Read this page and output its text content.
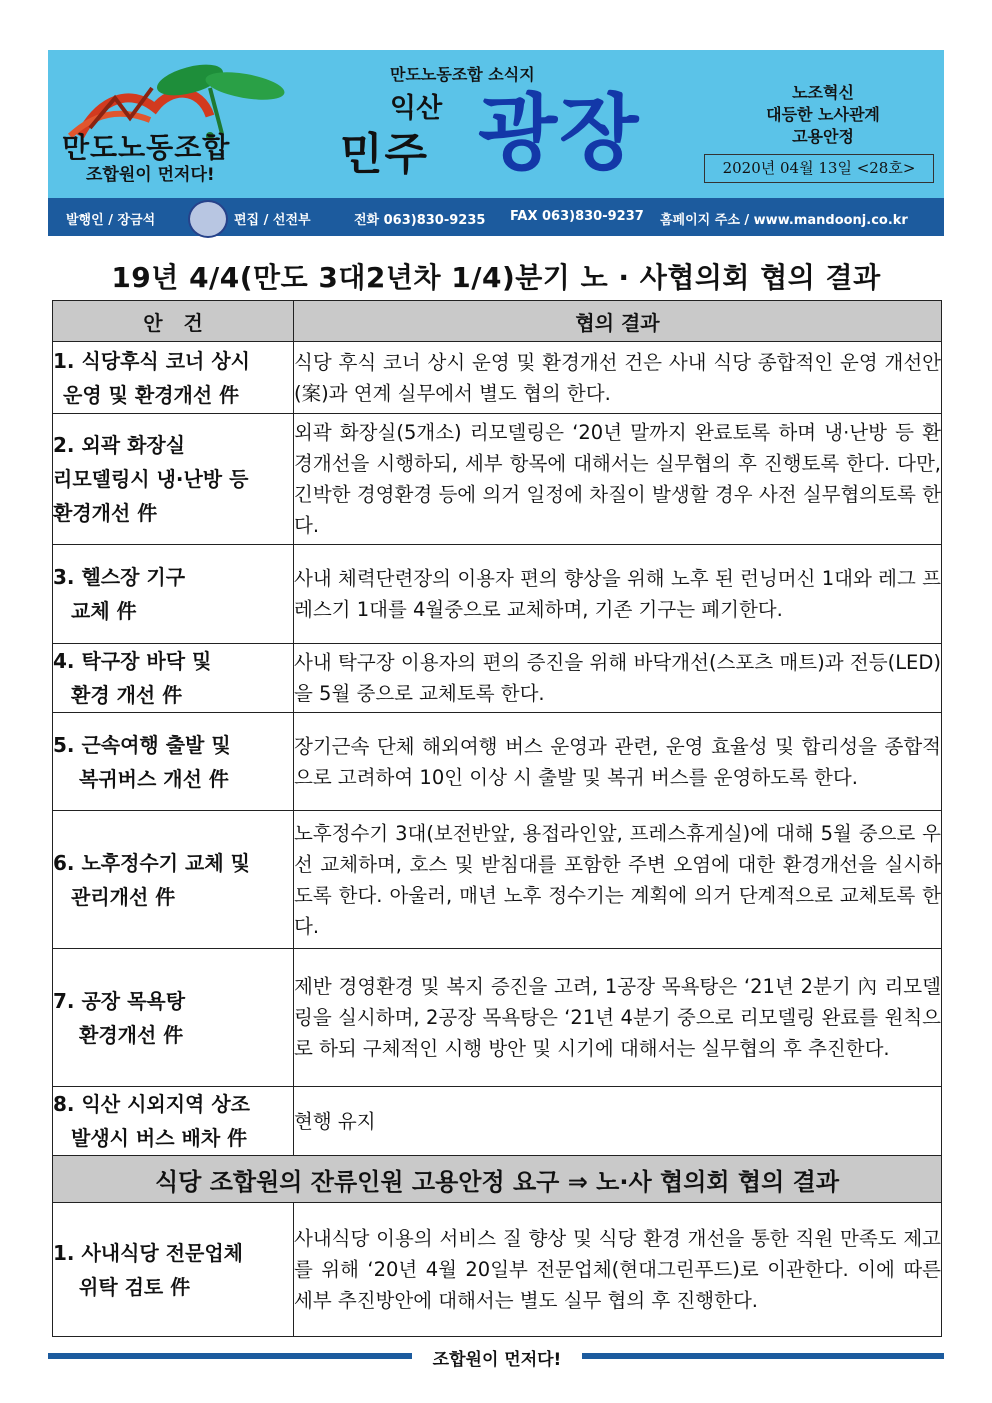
만도노동조합
조합원이 먼저다!
만도노동조합 소식지
익산
민주 광장	노조혁신
대등한 노사관계
고용안정
2020년 04월 13일 <28호>
발행인 / 장금석	편집 / 선전부	전화 063)830-9235 FAX 063)830-9237 홈페이지 주소 / www.mandoonj.co.kr
19년 4/4(만도 3대2년차 1/4)분기 노 · 사협의회 협의 결과
안   건	협의 결과

1. 식당후식 코너 상시
운영 및 환경개선 件	식당 후식 코너 상시 운영 및 환경개선 건은 사내 식당 종합적인 운영 개선안(案)과 연계 실무에서 별도 협의 한다.

2. 외곽 화장실
리모델링시 냉·난방 등
환경개선 件	외곽 화장실(5개소) 리모델링은 ‘20년 말까지 완료토록 하며 냉·난방 등 환경개선을 시행하되, 세부 항목에 대해서는 실무협의 후 진행토록 한다. 다만, 긴박한 경영환경 등에 의거 일정에 차질이 발생할 경우 사전 실무협의토록 한다.

3. 헬스장 기구
교체 件	사내 체력단련장의 이용자 편의 향상을 위해 노후 된 런닝머신 1대와 레그 프레스기 1대를 4월중으로 교체하며, 기존 기구는 폐기한다.

4. 탁구장 바닥 및
환경 개선 件	사내 탁구장 이용자의 편의 증진을 위해 바닥개선(스포츠 매트)과 전등(LED)을 5월 중으로 교체토록 한다.

5. 근속여행 출발 및
복귀버스 개선 件	장기근속 단체 해외여행 버스 운영과 관련, 운영 효율성 및 합리성을 종합적으로 고려하여 10인 이상 시 출발 및 복귀 버스를 운영하도록 한다.

6. 노후정수기 교체 및
관리개선 件	노후정수기 3대(보전반앞, 용접라인앞, 프레스휴게실)에 대해 5월 중으로 우선 교체하며, 호스 및 받침대를 포함한 주변 오염에 대한 환경개선을 실시하도록 한다. 아울러, 매년 노후 정수기는 계획에 의거 단계적으로 교체토록 한다.

7. 공장 목욕탕
환경개선 件	제반 경영환경 및 복지 증진을 고려, 1공장 목욕탕은 ‘21년 2분기 內 리모델링을 실시하며, 2공장 목욕탕은 ‘21년 4분기 중으로 리모델링 완료를 원칙으로 하되 구체적인 시행 방안 및 시기에 대해서는 실무협의 후 추진한다.

8. 익산 시외지역 상조
발생시 버스 배차 件	현행 유지
식당 조합원의 잔류인원 고용안정 요구 ⇒ 노·사 협의회 협의 결과	

1. 사내식당 전문업체
위탁 검토 件	사내식당 이용의 서비스 질 향상 및 식당 환경 개선을 통한 직원 만족도 제고를 위해 ‘20년 4월 20일부 전문업체(현대그린푸드)로 이관한다. 이에 따른 세부 추진방안에 대해서는 별도 실무 협의 후 진행한다.
조합원이 먼저다!
